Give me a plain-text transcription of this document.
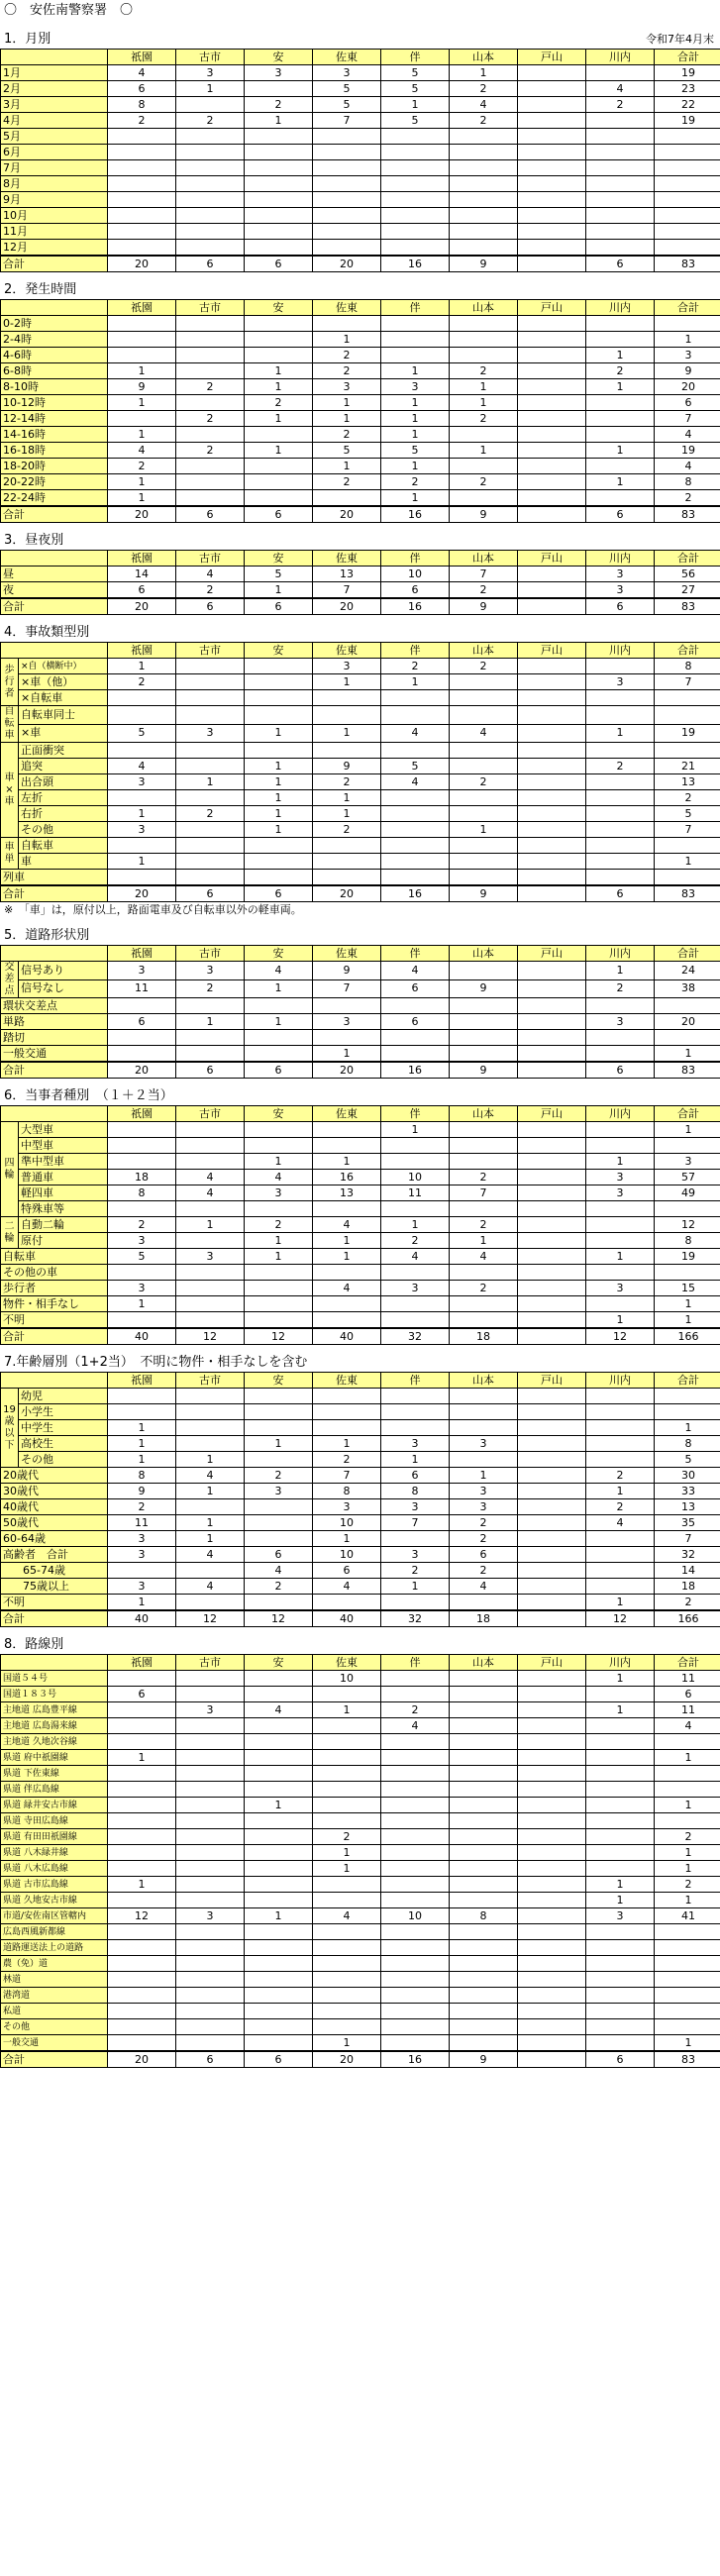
〇　安佐南警察署　〇
1．月別	令和7年4月末
	祇園	古市	安	佐東	伴	山本	戸山	川内	合計
1月	4	3	3	3	5	1			19
2月	6	1		5	5	2		4	23
3月	8		2	5	1	4		2	22
4月	2	2	1	7	5	2			19
5月									
6月									
7月									
8月									
9月									
10月									
11月									
12月									
合計	20	6	6	20	16	9		6	83
2．発生時間
	祇園	古市	安	佐東	伴	山本	戸山	川内	合計
0-2時									
2-4時				1					1
4-6時				2				1	3
6-8時	1		1	2	1	2		2	9
8-10時	9	2	1	3	3	1		1	20
10-12時	1		2	1	1	1			6
12-14時		2	1	1	1	2			7
14-16時	1			2	1				4
16-18時	4	2	1	5	5	1		1	19
18-20時	2			1	1				4
20-22時	1			2	2	2		1	8
22-24時	1				1				2
合計	20	6	6	20	16	9		6	83
3．昼夜別
	祇園	古市	安	佐東	伴	山本	戸山	川内	合計
昼	14	4	5	13	10	7		3	56
夜	6	2	1	7	6	2		3	27
合計	20	6	6	20	16	9		6	83
4．事故類型別
		祇園	古市	安	佐東	伴	山本	戸山	川内	合計
歩行者	×自（横断中）	1			3	2	2			8
	×車（他）	2			1	1			3	7
	×自転車									
自転車	自転車同士									
	×車	5	3	1	1	4	4		1	19
車×車	正面衝突									
	追突	4		1	9	5			2	21
	出合頭	3	1	1	2	4	2			13
	左折			1	1					2
	右折	1	2	1	1					5
	その他	3		1	2		1			7
車単	自転車									
	車	1								1
列車										
合計		20	6	6	20	16	9		6	83
※　「車」は，原付以上，路面電車及び自転車以外の軽車両。
5．道路形状別
		祇園	古市	安	佐東	伴	山本	戸山	川内	合計
交差点	信号あり	3	3	4	9	4			1	24
	信号なし	11	2	1	7	6	9		2	38
環状交差点										
単路		6	1	1	3	6			3	20
踏切										
一般交通					1					1
合計		20	6	6	20	16	9		6	83
6．当事者種別　（１＋２当）
		祇園	古市	安	佐東	伴	山本	戸山	川内	合計
四輪	大型車					1				1
	中型車									
	準中型車			1	1				1	3
	普通車	18	4	4	16	10	2		3	57
	軽四車	8	4	3	13	11	7		3	49
	特殊車等									
二輪	自動二輪	2	1	2	4	1	2			12
	原付	3		1	1	2	1			8
自転車		5	3	1	1	4	4		1	19
その他の車										
歩行者		3			4	3	2		3	15
物件・相手なし		1								1
不明									1	1
合計		40	12	12	40	32	18		12	166
7.年齢層別（1+2当）　不明に物件・相手なしを含む
		祇園	古市	安	佐東	伴	山本	戸山	川内	合計
19歳以下	幼児									
	小学生									
	中学生	1								1
	高校生	1		1	1	3	3			8
	その他	1	1		2	1				5
20歳代		8	4	2	7	6	1		2	30
30歳代		9	1	3	8	8	3		1	33
40歳代		2			3	3	3		2	13
50歳代		11	1		10	7	2		4	35
60-64歳		3	1		1		2			7
高齢者　合計		3	4	6	10	3	6			32
65-74歳				4	6	2	2			14
75歳以上		3	4	2	4	1	4			18
不明		1							1	2
合計		40	12	12	40	32	18		12	166
8．路線別
	祇園	古市	安	佐東	伴	山本	戸山	川内	合計
国道５４号				10				1	11
国道１８３号	6								6
主地道 広島豊平線		3	4	1	2			1	11
主地道 広島湯来線					4				4
主地道 久地次谷線									
県道 府中祇園線	1								1
県道 下佐東線									
県道 伴広島線									
県道 緑井安古市線			1						1
県道 寺田広島線									
県道 有田田祇園線				2					2
県道 八木緑井線				1					1
県道 八木広島線				1					1
県道 古市広島線	1							1	2
県道 久地安古市線								1	1
市道/安佐南区管轄内	12	3	1	4	10	8		3	41
広島西風新都線									
道路運送法上の道路									
農（免）道									
林道									
港湾道									
私道									
その他									
一般交通				1					1
合計	20	6	6	20	16	9		6	83
